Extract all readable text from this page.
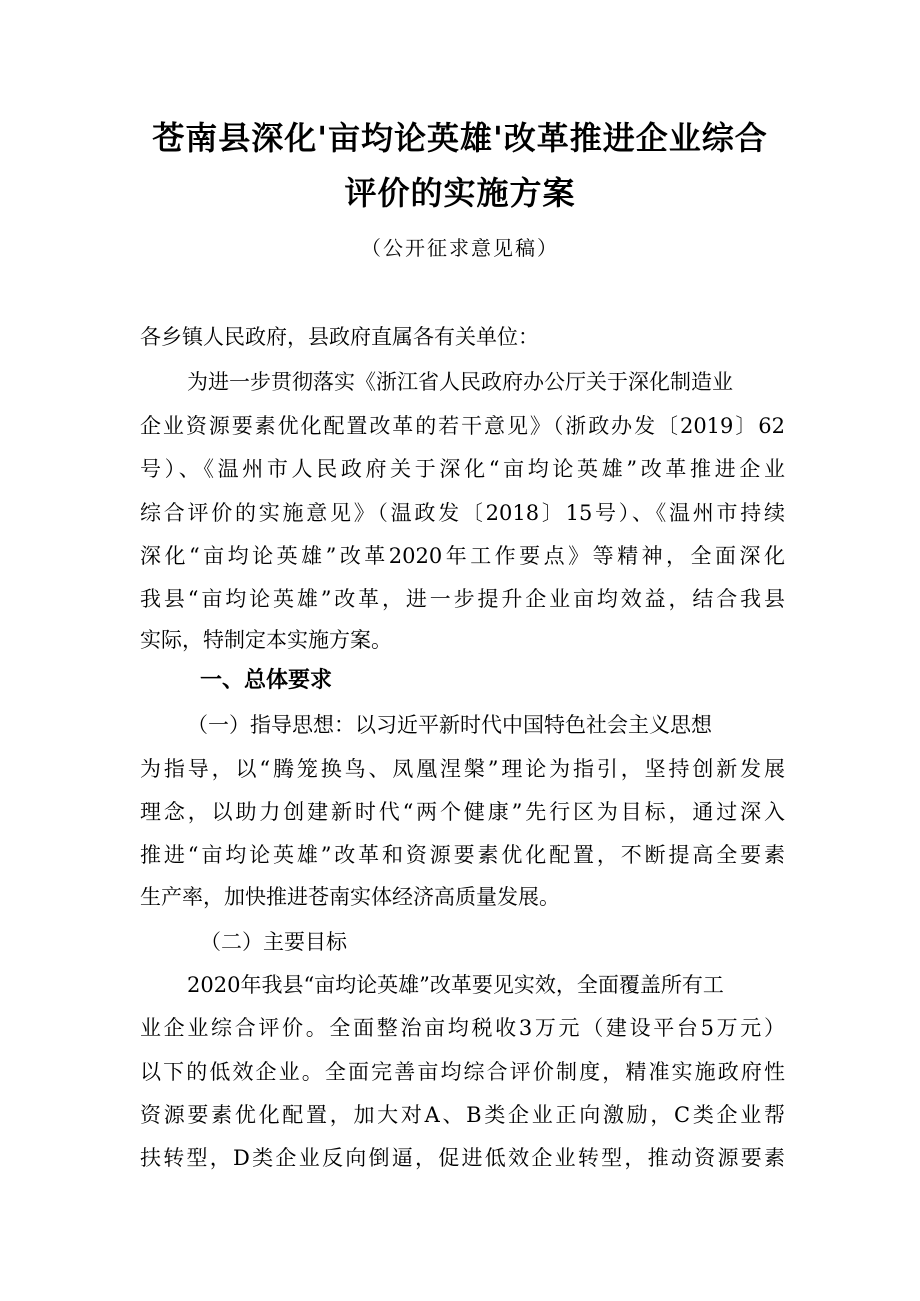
苍南县深化'亩均论英雄'改革推进企业综合
评价的实施方案
（公开征求意见稿）
各乡镇人民政府，县政府直属各有关单位：
为进一步贯彻落实《浙江省人民政府办公厅关于深化制造业
企业资源要素优化配置改革的若干意见》（浙政办发〔2019〕62
号）、《温州市人民政府关于深化“亩均论英雄”改革推进企业
综合评价的实施意见》（温政发〔2018〕15号）、《温州市持续
深化“亩均论英雄”改革2020年工作要点》等精神，全面深化
我县“亩均论英雄”改革，进一步提升企业亩均效益，结合我县
实际，特制定本实施方案。
一、总体要求
（一）指导思想：以习近平新时代中国特色社会主义思想
为指导，以“腾笼换鸟、凤凰涅槃”理论为指引，坚持创新发展
理念，以助力创建新时代“两个健康”先行区为目标，通过深入
推进“亩均论英雄”改革和资源要素优化配置，不断提高全要素
生产率，加快推进苍南实体经济高质量发展。
（二）主要目标
2020年我县“亩均论英雄”改革要见实效，全面覆盖所有工
业企业综合评价。全面整治亩均税收3万元（建设平台5万元）
以下的低效企业。全面完善亩均综合评价制度，精准实施政府性
资源要素优化配置，加大对A、B类企业正向激励，C类企业帮
扶转型，D类企业反向倒逼，促进低效企业转型，推动资源要素
